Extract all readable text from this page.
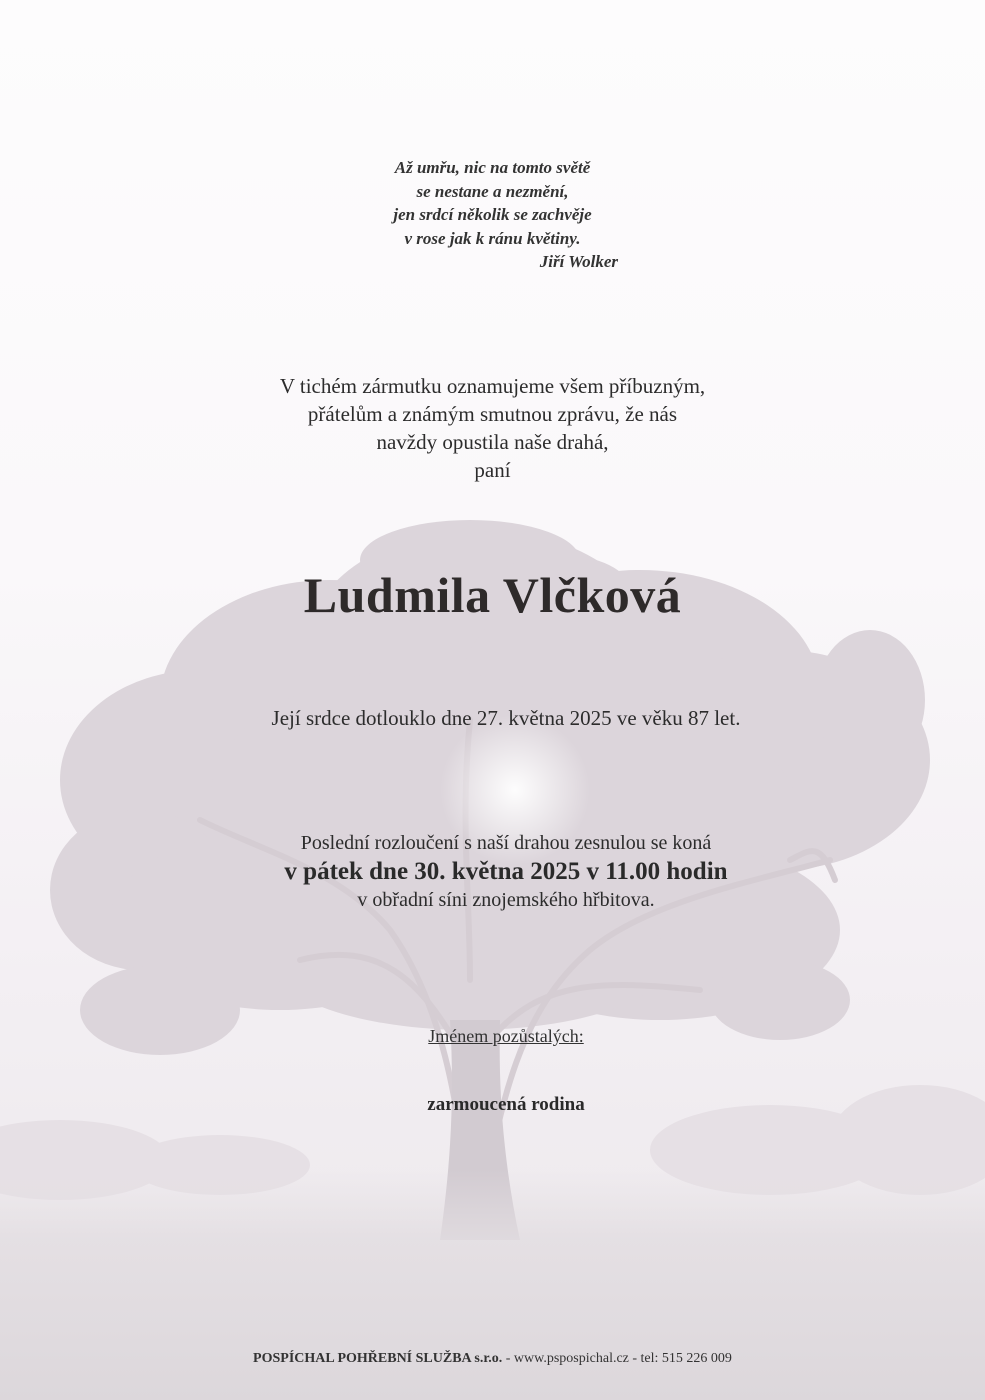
Až umřu, nic na tomto světě
se nestane a nezmění,
jen srdcí několik se zachvěje
v rose jak k ránu květiny.
Jiří Wolker
V tichém zármutku oznamujeme všem příbuzným,
přátelům a známým smutnou zprávu, že nás
navždy opustila naše drahá,
paní
Ludmila Vlčková
Její srdce dotlouklo dne 27. května 2025 ve věku 87 let.
Poslední rozloučení s naší drahou zesnulou se koná
v pátek dne 30. května 2025 v 11.00 hodin
v obřadní síni znojemského hřbitova.
Jménem pozůstalých:
zarmoucená rodina
POSPÍCHAL POHŘEBNÍ SLUŽBA s.r.o. - www.pspospichal.cz - tel: 515 226 009
